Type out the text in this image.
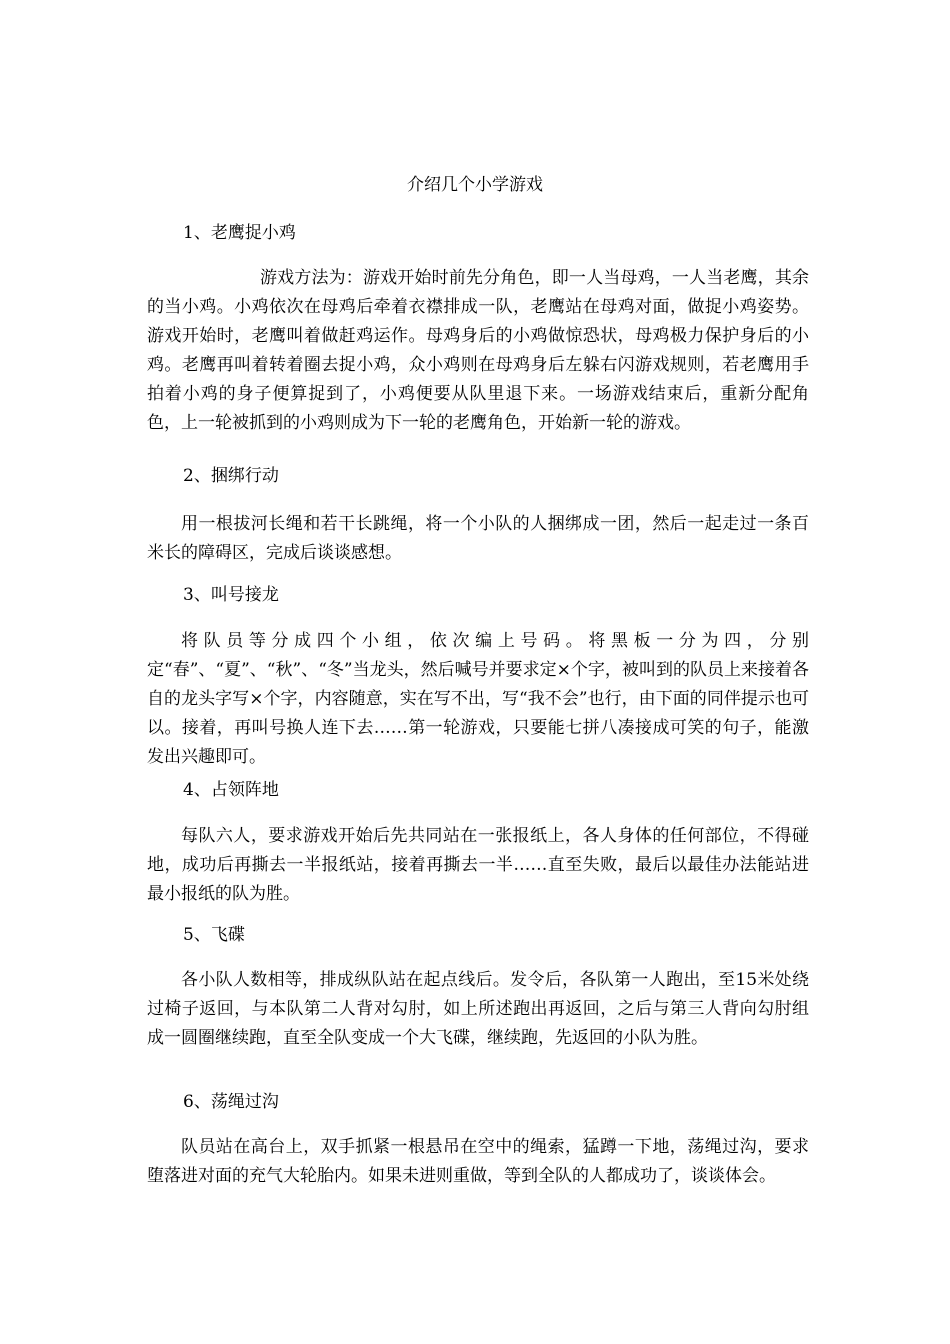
介绍几个小学游戏
1、老鹰捉小鸡
游戏方法为：游戏开始时前先分角色，即一人当母鸡，一人当老鹰，其余的当小鸡。小鸡依次在母鸡后牵着衣襟排成一队，老鹰站在母鸡对面，做捉小鸡姿势。游戏开始时，老鹰叫着做赶鸡运作。母鸡身后的小鸡做惊恐状，母鸡极力保护身后的小鸡。老鹰再叫着转着圈去捉小鸡，众小鸡则在母鸡身后左躲右闪游戏规则，若老鹰用手拍着小鸡的身子便算捉到了，小鸡便要从队里退下来。一场游戏结束后，重新分配角色，上一轮被抓到的小鸡则成为下一轮的老鹰角色，开始新一轮的游戏。
2、捆绑行动
用一根拔河长绳和若干长跳绳，将一个小队的人捆绑成一团，然后一起走过一条百米长的障碍区，完成后谈谈感想。
3、叫号接龙
将队员等分成四个小组，依次编上号码。将黑板一分为四，分别定“春”、“夏”、“秋”、“冬”当龙头，然后喊号并要求定×个字，被叫到的队员上来接着各自的龙头字写×个字，内容随意，实在写不出，写“我不会”也行，由下面的同伴提示也可以。接着，再叫号换人连下去……第一轮游戏，只要能七拼八凑接成可笑的句子，能激发出兴趣即可。
4、占领阵地
每队六人，要求游戏开始后先共同站在一张报纸上，各人身体的任何部位，不得碰地，成功后再撕去一半报纸站，接着再撕去一半……直至失败，最后以最佳办法能站进最小报纸的队为胜。
5、飞碟
各小队人数相等，排成纵队站在起点线后。发令后，各队第一人跑出，至15米处绕过椅子返回，与本队第二人背对勾肘，如上所述跑出再返回，之后与第三人背向勾肘组成一圆圈继续跑，直至全队变成一个大飞碟，继续跑，先返回的小队为胜。
6、荡绳过沟
队员站在高台上，双手抓紧一根悬吊在空中的绳索，猛蹲一下地，荡绳过沟，要求堕落进对面的充气大轮胎内。如果未进则重做，等到全队的人都成功了，谈谈体会。
